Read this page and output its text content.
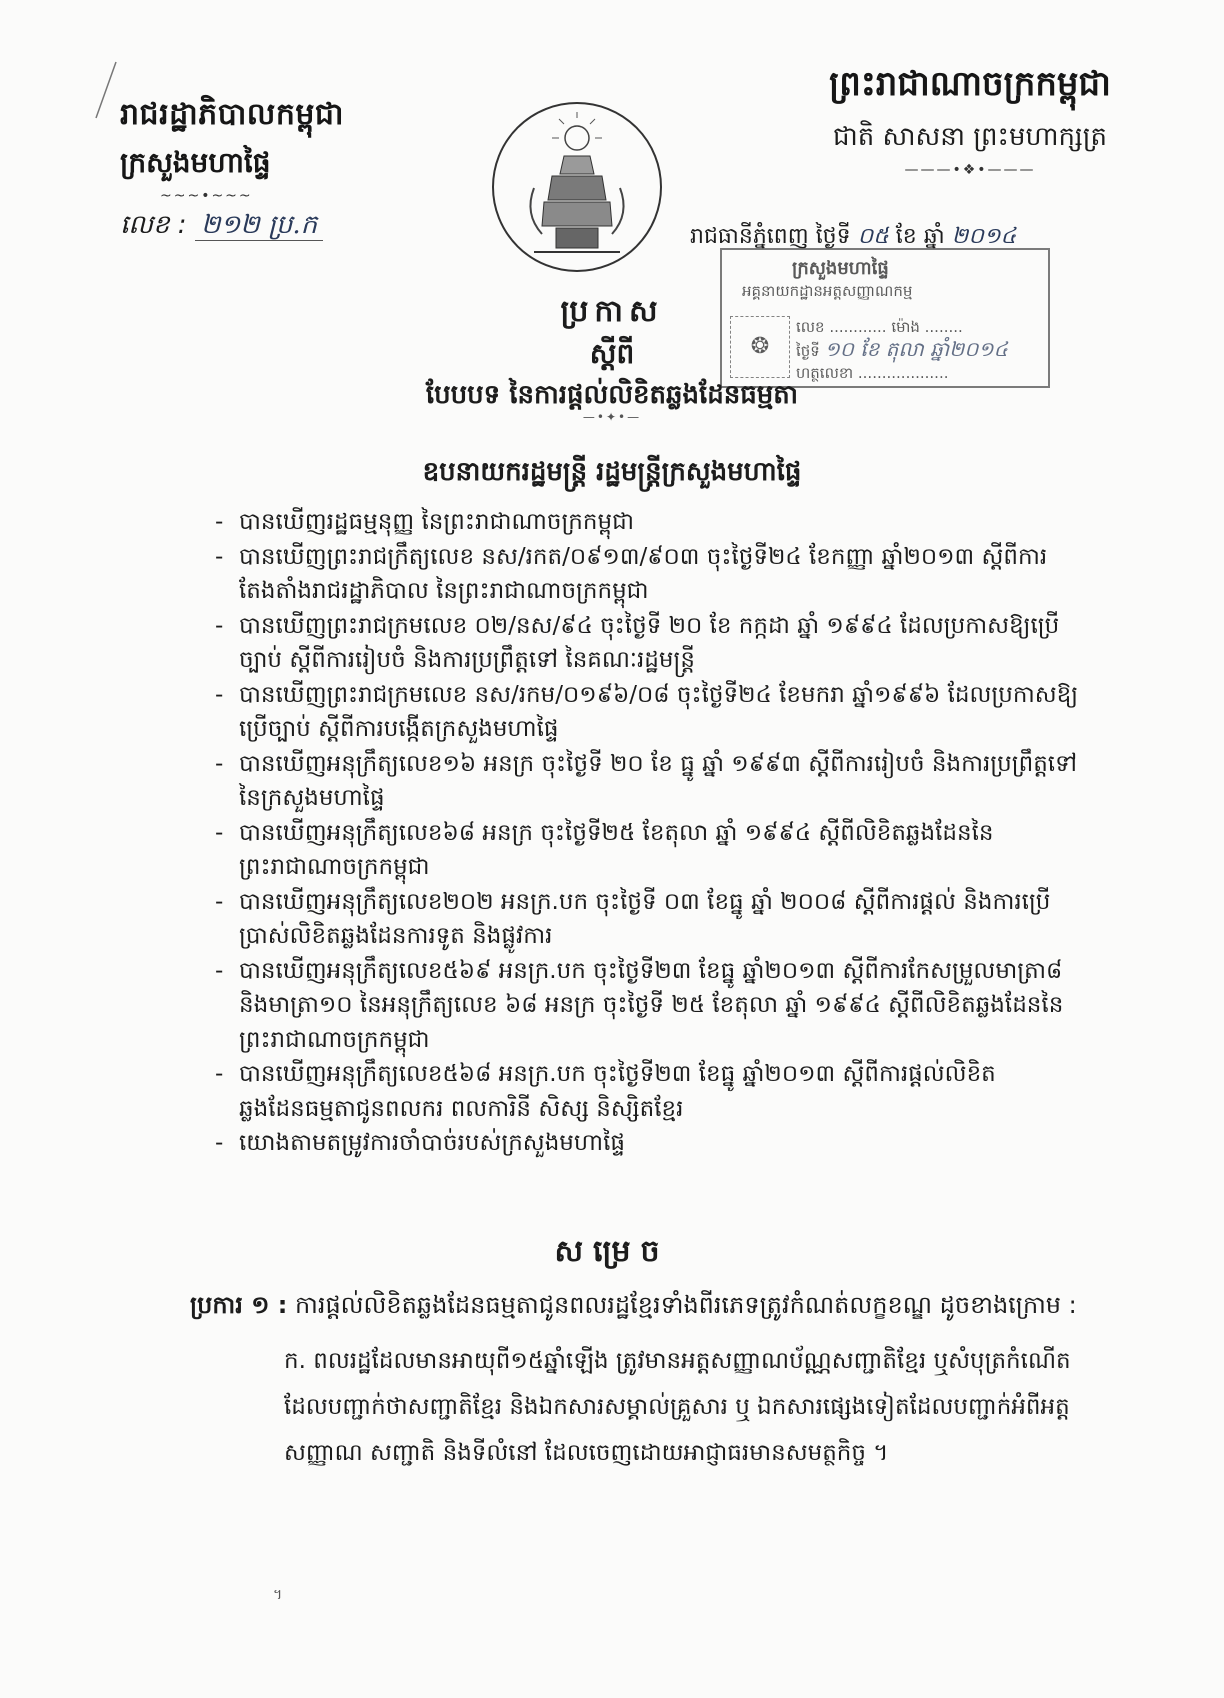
រាជរដ្ឋាភិបាលកម្ពុជា
ក្រសួងមហាផ្ទៃ
~~~•~~~
លេខ : ២១២ ប្រ.ក
ព្រះរាជាណាចក្រកម្ពុជា
ជាតិ សាសនា ព្រះមហាក្សត្រ
———•❖•———
រាជធានីភ្នំពេញ ថ្ងៃទី ០៥ ខែ ឆ្នាំ ២០១៤
ក្រសួងមហាផ្ទៃ
អគ្គនាយកដ្ឋានអត្តសញ្ញាណកម្ម
❂
លេខ ............ ម៉ោង ........
ថ្ងៃទី ១០ ខែ តុលា ឆ្នាំ២០១៤
ហត្ថលេខា ...................
ប្រកាស
ស្តីពី
បែបបទ នៃការផ្តល់លិខិតឆ្លងដែនធម្មតា
—•✦•—
ឧបនាយករដ្ឋមន្ត្រី រដ្ឋមន្ត្រីក្រសួងមហាផ្ទៃ
- បានឃើញរដ្ឋធម្មនុញ្ញ នៃព្រះរាជាណាចក្រកម្ពុជា
- បានឃើញព្រះរាជក្រឹត្យលេខ នស/រកត/០៩១៣/៩០៣ ចុះថ្ងៃទី២៤ ខែកញ្ញា ឆ្នាំ២០១៣ ស្តីពីការតែងតាំងរាជរដ្ឋាភិបាល នៃព្រះរាជាណាចក្រកម្ពុជា
- បានឃើញព្រះរាជក្រមលេខ ០២/នស/៩៤ ចុះថ្ងៃទី ២០ ខែ កក្កដា ឆ្នាំ ១៩៩៤ ដែលប្រកាសឱ្យប្រើច្បាប់ ស្តីពីការរៀបចំ និងការប្រព្រឹត្តទៅ នៃគណៈរដ្ឋមន្ត្រី
- បានឃើញព្រះរាជក្រមលេខ នស/រកម/០១៩៦/០៨ ចុះថ្ងៃទី២៤ ខែមករា ឆ្នាំ១៩៩៦ ដែលប្រកាសឱ្យប្រើច្បាប់ ស្តីពីការបង្កើតក្រសួងមហាផ្ទៃ
- បានឃើញអនុក្រឹត្យលេខ១៦ អនក្រ ចុះថ្ងៃទី ២០ ខែ ធ្នូ ឆ្នាំ ១៩៩៣ ស្តីពីការរៀបចំ និងការប្រព្រឹត្តទៅ នៃក្រសួងមហាផ្ទៃ
- បានឃើញអនុក្រឹត្យលេខ៦៨ អនក្រ ចុះថ្ងៃទី២៥ ខែតុលា ឆ្នាំ ១៩៩៤ ស្តីពីលិខិតឆ្លងដែននៃព្រះរាជាណាចក្រកម្ពុជា
- បានឃើញអនុក្រឹត្យលេខ២០២ អនក្រ.បក ចុះថ្ងៃទី ០៣ ខែធ្នូ ឆ្នាំ ២០០៨ ស្តីពីការផ្តល់ និងការប្រើប្រាស់លិខិតឆ្លងដែនការទូត និងផ្លូវការ
- បានឃើញអនុក្រឹត្យលេខ៥៦៩ អនក្រ.បក ចុះថ្ងៃទី២៣ ខែធ្នូ ឆ្នាំ២០១៣ ស្តីពីការកែសម្រួលមាត្រា៨ និងមាត្រា១០ នៃអនុក្រឹត្យលេខ ៦៨ អនក្រ ចុះថ្ងៃទី ២៥ ខែតុលា ឆ្នាំ ១៩៩៤ ស្តីពីលិខិតឆ្លងដែននៃព្រះរាជាណាចក្រកម្ពុជា
- បានឃើញអនុក្រឹត្យលេខ៥៦៨ អនក្រ.បក ចុះថ្ងៃទី២៣ ខែធ្នូ ឆ្នាំ២០១៣ ស្តីពីការផ្តល់លិខិតឆ្លងដែនធម្មតាជូនពលករ ពលការិនី សិស្ស និស្សិតខ្មែរ
- យោងតាមតម្រូវការចាំបាច់របស់ក្រសួងមហាផ្ទៃ
សម្រេច
ប្រការ ១ : ការផ្តល់លិខិតឆ្លងដែនធម្មតាជូនពលរដ្ឋខ្មែរទាំងពីរភេទត្រូវកំណត់លក្ខខណ្ឌ ដូចខាងក្រោម :
ក. ពលរដ្ឋដែលមានអាយុពី១៥ឆ្នាំឡើង ត្រូវមានអត្តសញ្ញាណប័ណ្ណសញ្ជាតិខ្មែរ ឬសំបុត្រកំណើតដែលបញ្ជាក់ថាសញ្ជាតិខ្មែរ និងឯកសារសម្គាល់គ្រួសារ ឬ ឯកសារផ្សេងទៀតដែលបញ្ជាក់អំពីអត្តសញ្ញាណ សញ្ជាតិ និងទីលំនៅ ដែលចេញដោយអាជ្ញាធរមានសមត្ថកិច្ច ។
។
